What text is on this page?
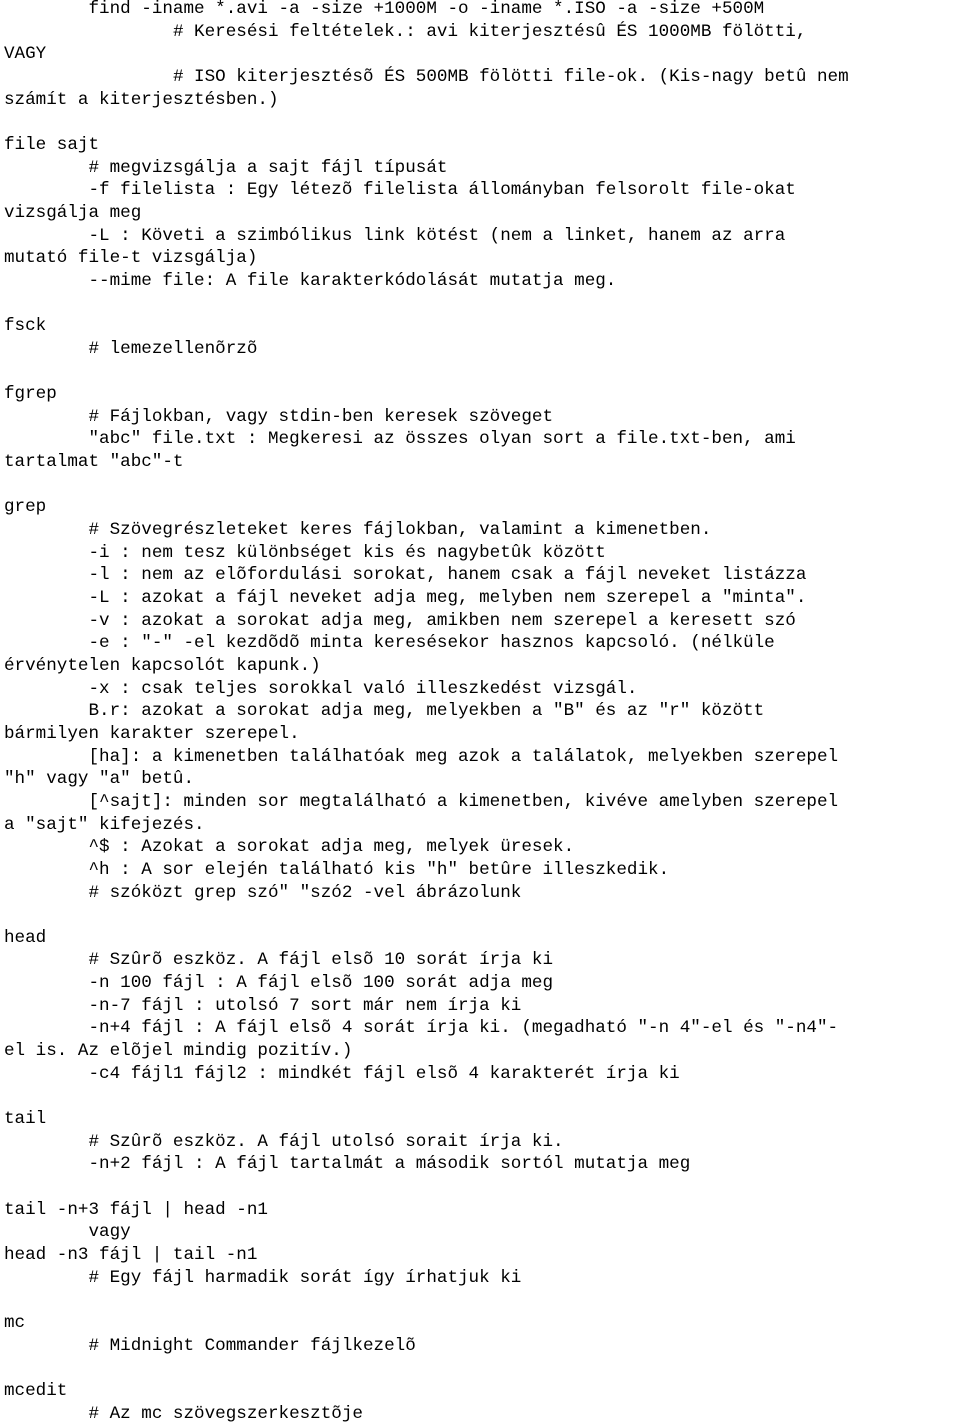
find -iname *.avi -a -size +1000M -o -iname *.ISO -a -size +500M
# Keresési feltételek.: avi kiterjesztésû ÉS 1000MB fölötti,
VAGY
# ISO kiterjesztésõ ÉS 500MB fölötti file-ok. (Kis-nagy betû nem
számít a kiterjesztésben.)
file sajt
# megvizsgálja a sajt fájl típusát
-f filelista : Egy létezõ filelista állományban felsorolt file-okat
vizsgálja meg
-L : Követi a szimbólikus link kötést (nem a linket, hanem az arra
mutató file-t vizsgálja)
--mime file: A file karakterkódolását mutatja meg.
fsck
# lemezellenõrzõ
fgrep
# Fájlokban, vagy stdin-ben keresek szöveget
"abc" file.txt : Megkeresi az összes olyan sort a file.txt-ben, ami
tartalmat "abc"-t
grep
# Szövegrészleteket keres fájlokban, valamint a kimenetben.
-i : nem tesz különbséget kis és nagybetûk között
-l : nem az elõfordulási sorokat, hanem csak a fájl neveket listázza
-L : azokat a fájl neveket adja meg, melyben nem szerepel a "minta".
-v : azokat a sorokat adja meg, amikben nem szerepel a keresett szó
-e : "-" -el kezdõdõ minta keresésekor hasznos kapcsoló. (nélküle
érvénytelen kapcsolót kapunk.)
-x : csak teljes sorokkal való illeszkedést vizsgál.
B.r: azokat a sorokat adja meg, melyekben a "B" és az "r" között
bármilyen karakter szerepel.
[ha]: a kimenetben találhatóak meg azok a találatok, melyekben szerepel
"h" vagy "a" betû.
[^sajt]: minden sor megtalálható a kimenetben, kivéve amelyben szerepel
a "sajt" kifejezés.
^$ : Azokat a sorokat adja meg, melyek üresek.
^h : A sor elején található kis "h" betûre illeszkedik.
# szóközt grep szó" "szó2 -vel ábrázolunk
head
# Szûrõ eszköz. A fájl elsõ 10 sorát írja ki
-n 100 fájl : A fájl elsõ 100 sorát adja meg
-n-7 fájl : utolsó 7 sort már nem írja ki
-n+4 fájl : A fájl elsõ 4 sorát írja ki. (megadható "-n 4"-el és "-n4"-
el is. Az elõjel mindig pozitív.)
-c4 fájl1 fájl2 : mindkét fájl elsõ 4 karakterét írja ki
tail
# Szûrõ eszköz. A fájl utolsó sorait írja ki.
-n+2 fájl : A fájl tartalmát a második sortól mutatja meg
tail -n+3 fájl | head -n1
vagy
head -n3 fájl | tail -n1
# Egy fájl harmadik sorát így írhatjuk ki
mc
# Midnight Commander fájlkezelõ
mcedit
# Az mc szövegszerkesztõje
